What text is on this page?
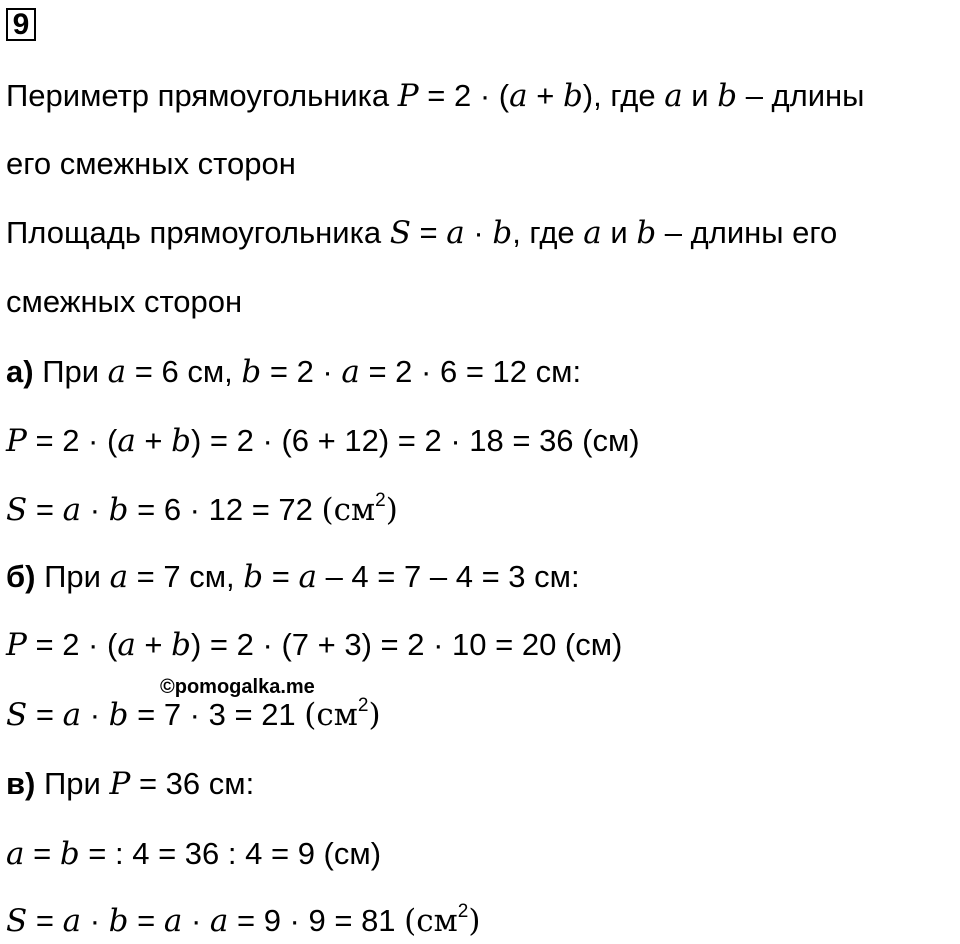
9
Периметр прямоугольника P = 2 · (a + b), где a и b – длины
его смежных сторон
Площадь прямоугольника S = a · b, где a и b – длины его
смежных сторон
а) При a = 6 см, b = 2 · a = 2 · 6 = 12 см:
P = 2 · (a + b) = 2 · (6 + 12) = 2 · 18 = 36 (см)
S = a · b = 6 · 12 = 72 $(см^2)$
б) При a = 7 см, b = a – 4 = 7 – 4 = 3 см:
P = 2 · (a + b) = 2 · (7 + 3) = 2 · 10 = 20 (см)
©pomogalka.me
S = a · b = 7 · 3 = 21 $(см^2)$
в) При P = 36 см:
a = b = : 4 = 36 : 4 = 9 (см)
S = a · b = a · a = 9 · 9 = 81 $(см^2)$
